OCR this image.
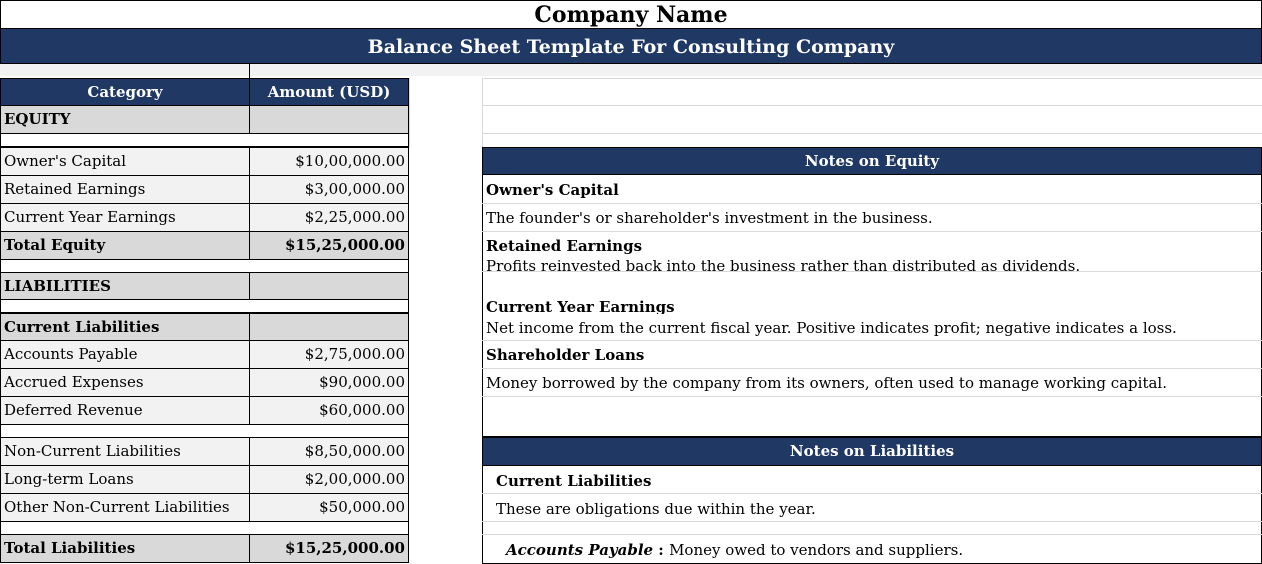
Company Name
Balance Sheet Template For Consulting Company
Category	Amount (USD)
EQUITY
Owner's Capital	$10,00,000.00
Retained Earnings	$3,00,000.00
Current Year Earnings	$2,25,000.00
Total Equity	$15,25,000.00
LIABILITIES
Current Liabilities
Accounts Payable	$2,75,000.00
Accrued Expenses	$90,000.00
Deferred Revenue	$60,000.00
Non-Current Liabilities	$8,50,000.00
Long-term Loans	$2,00,000.00
Other Non-Current Liabilities	$50,000.00
Total Liabilities	$15,25,000.00
Notes on Equity
Owner's Capital
The founder's or shareholder's investment in the business.
Retained Earnings
Profits reinvested back into the business rather than distributed as dividends.
Current Year Earnings
Net income from the current fiscal year. Positive indicates profit; negative indicates a loss.
Shareholder Loans
Money borrowed by the company from its owners, often used to manage working capital.
Notes on Liabilities
Current Liabilities
These are obligations due within the year.
Accounts Payable : Money owed to vendors and suppliers.
